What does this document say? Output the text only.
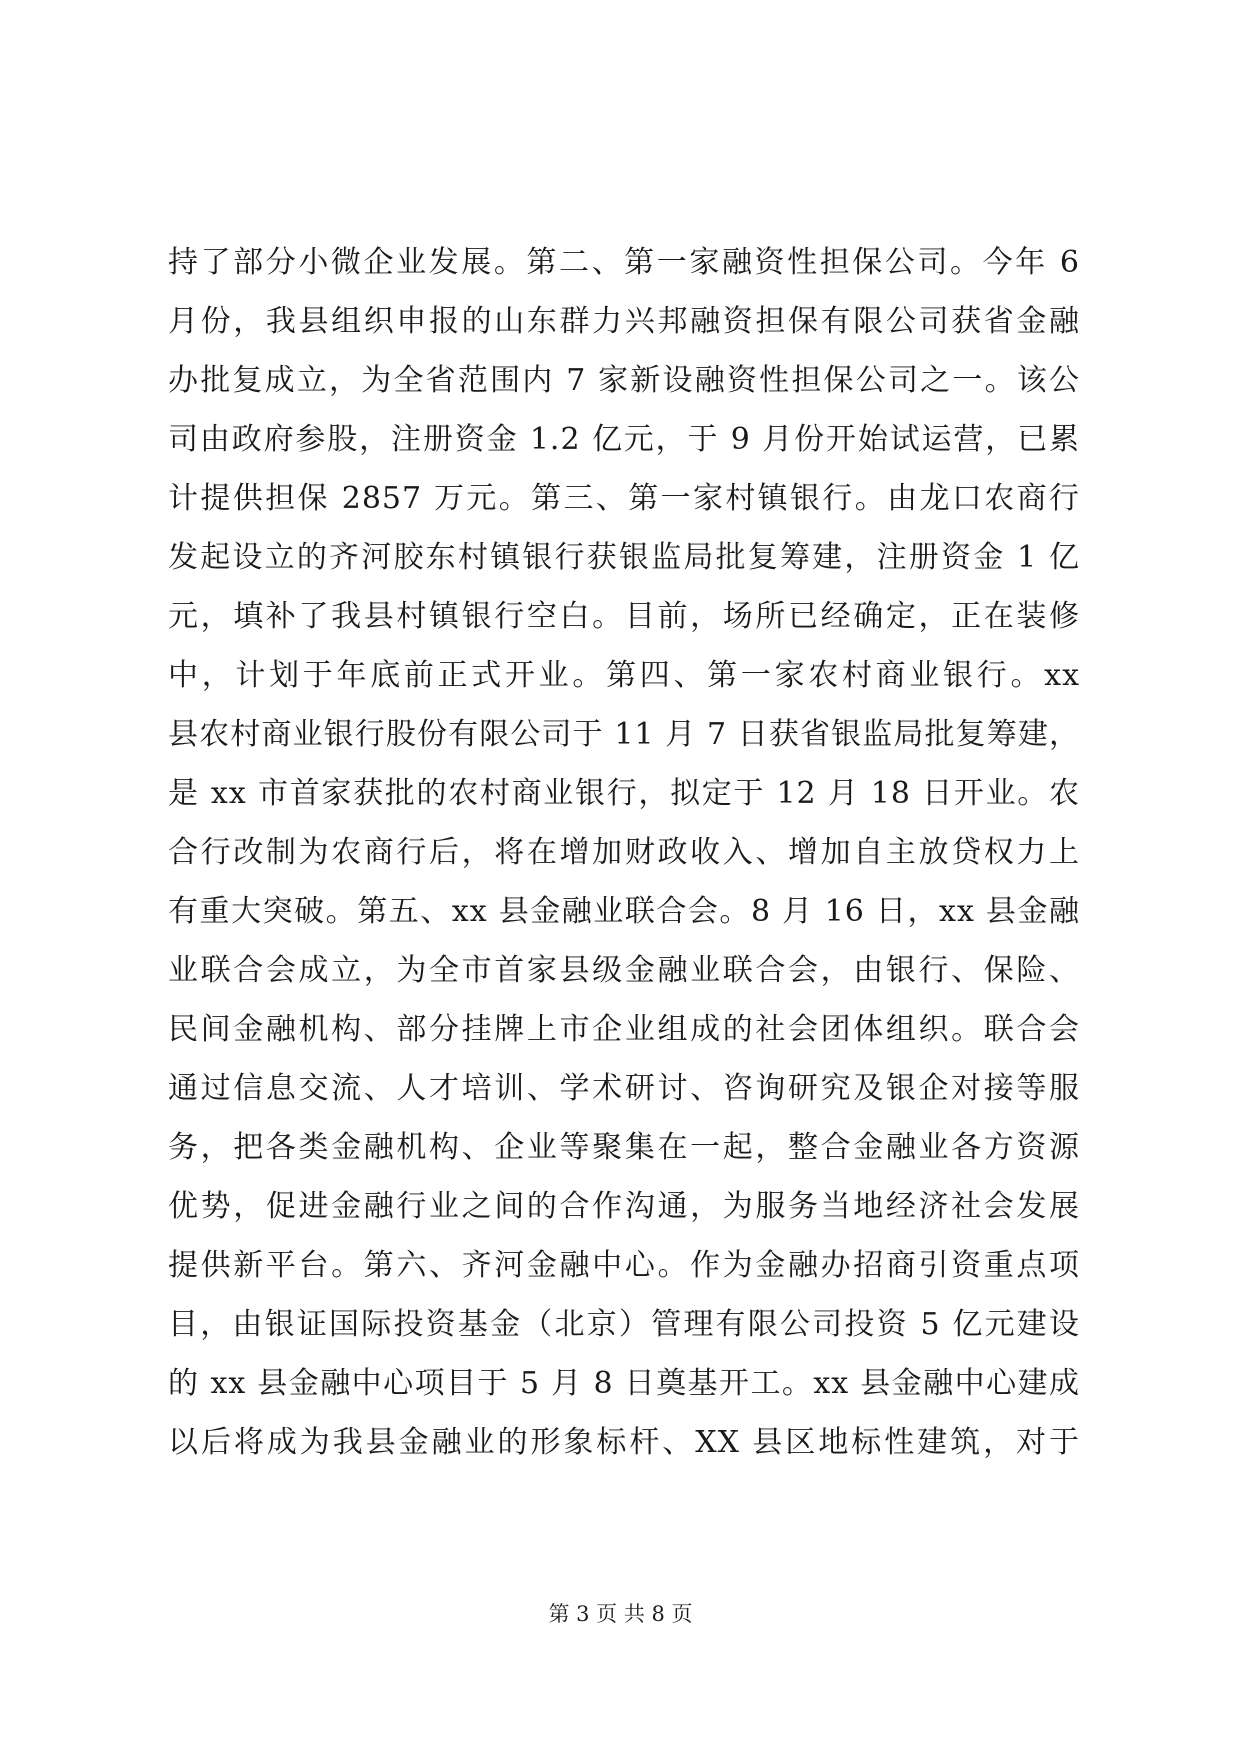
持了部分小微企业发展。第二、第一家融资性担保公司。今年 6
月份，我县组织申报的山东群力兴邦融资担保有限公司获省金融
办批复成立，为全省范围内 7 家新设融资性担保公司之一。该公
司由政府参股，注册资金 1.2 亿元，于 9 月份开始试运营，已累
计提供担保 2857 万元。第三、第一家村镇银行。由龙口农商行
发起设立的齐河胶东村镇银行获银监局批复筹建，注册资金 1 亿
元，填补了我县村镇银行空白。目前，场所已经确定，正在装修
中，计划于年底前正式开业。第四、第一家农村商业银行。xx
县农村商业银行股份有限公司于 11 月 7 日获省银监局批复筹建，
是 xx 市首家获批的农村商业银行，拟定于 12 月 18 日开业。农
合行改制为农商行后，将在增加财政收入、增加自主放贷权力上
有重大突破。第五、xx 县金融业联合会。8 月 16 日，xx 县金融
业联合会成立，为全市首家县级金融业联合会，由银行、保险、
民间金融机构、部分挂牌上市企业组成的社会团体组织。联合会
通过信息交流、人才培训、学术研讨、咨询研究及银企对接等服
务，把各类金融机构、企业等聚集在一起，整合金融业各方资源
优势，促进金融行业之间的合作沟通，为服务当地经济社会发展
提供新平台。第六、齐河金融中心。作为金融办招商引资重点项
目，由银证国际投资基金（北京）管理有限公司投资 5 亿元建设
的 xx 县金融中心项目于 5 月 8 日奠基开工。xx 县金融中心建成
以后将成为我县金融业的形象标杆、XX 县区地标性建筑，对于
第 3 页 共 8 页
